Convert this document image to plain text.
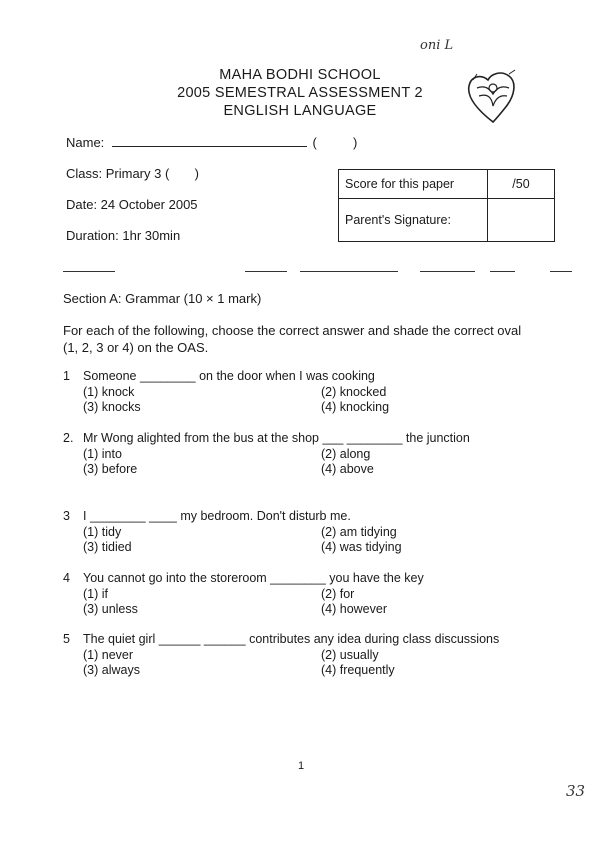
oni L
MAHA BODHI SCHOOL
2005 SEMESTRAL ASSESSMENT 2
ENGLISH LANGUAGE
Name:	(          )
Class: Primary 3 (       )
Date: 24 October 2005
Duration: 1hr 30min
Score for this paper	/50
Parent's Signature:	
Section A: Grammar (10 × 1 mark)
For each of the following, choose the correct answer and shade the correct oval (1, 2, 3 or 4) on the OAS.
1 Someone ________ on the door when I was cooking
(1) knock	(2) knocked
(3) knocks	(4) knocking
2. Mr Wong alighted from the bus at the shop ___ ________ the junction
(1) into	(2) along
(3) before	(4) above
3 I ________ ____ my bedroom. Don't disturb me.
(1) tidy	(2) am tidying
(3) tidied	(4) was tidying
4 You cannot go into the storeroom ________ you have the key
(1) if	(2) for
(3) unless	(4) however
5 The quiet girl ______ ______ contributes any idea during class discussions
(1) never	(2) usually
(3) always	(4) frequently
1
33
